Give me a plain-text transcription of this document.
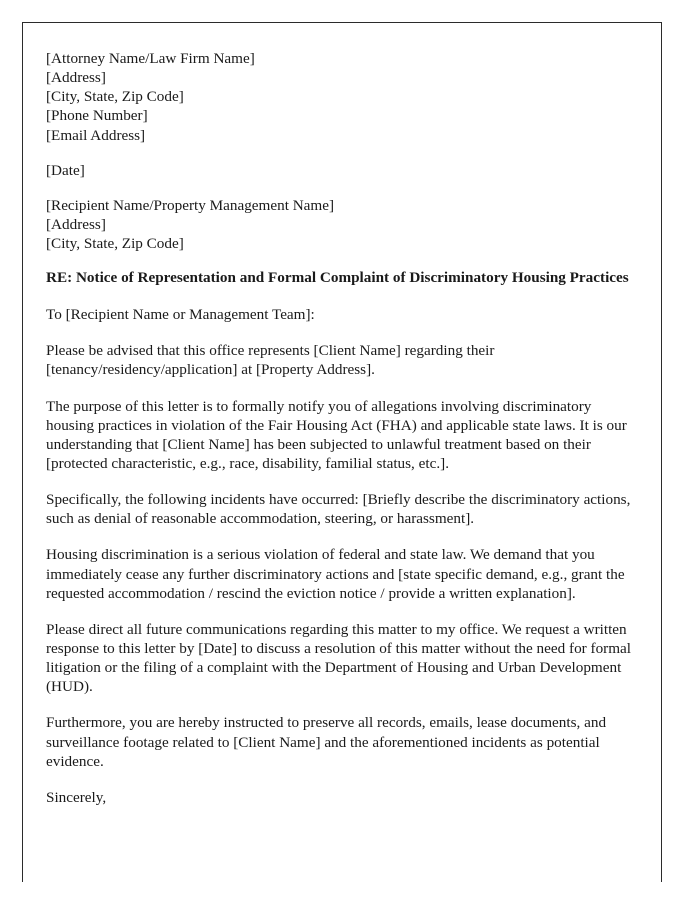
[Attorney Name/Law Firm Name]
[Address]
[City, State, Zip Code]
[Phone Number]
[Email Address]
[Date]
[Recipient Name/Property Management Name]
[Address]
[City, State, Zip Code]
RE: Notice of Representation and Formal Complaint of Discriminatory Housing Practices
To [Recipient Name or Management Team]:

Please be advised that this office represents [Client Name] regarding their [tenancy/residency/application] at [Property Address].

The purpose of this letter is to formally notify you of allegations involving discriminatory housing practices in violation of the Fair Housing Act (FHA) and applicable state laws. It is our understanding that [Client Name] has been subjected to unlawful treatment based on their [protected characteristic, e.g., race, disability, familial status, etc.].

Specifically, the following incidents have occurred: [Briefly describe the discriminatory actions, such as denial of reasonable accommodation, steering, or harassment].

Housing discrimination is a serious violation of federal and state law. We demand that you immediately cease any further discriminatory actions and [state specific demand, e.g., grant the requested accommodation / rescind the eviction notice / provide a written explanation].

Please direct all future communications regarding this matter to my office. We request a written response to this letter by [Date] to discuss a resolution of this matter without the need for formal litigation or the filing of a complaint with the Department of Housing and Urban Development (HUD).

Furthermore, you are hereby instructed to preserve all records, emails, lease documents, and surveillance footage related to [Client Name] and the aforementioned incidents as potential evidence.

Sincerely,
